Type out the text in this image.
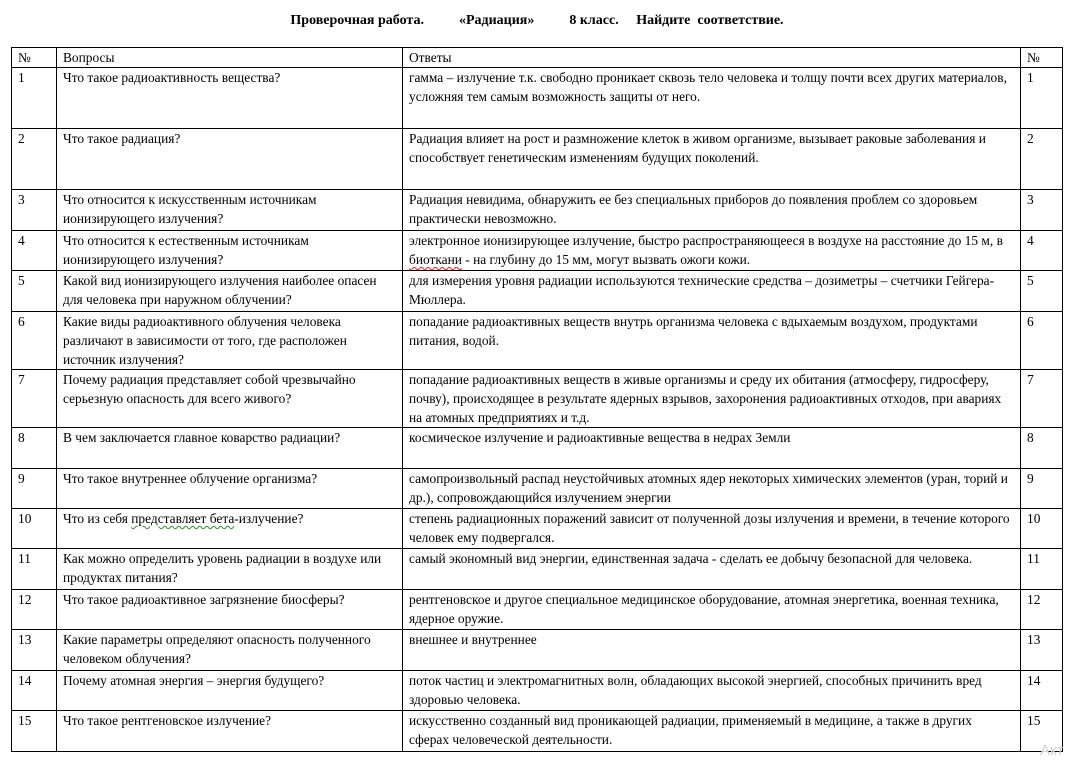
Проверочная работа.          «Радиация»          8 класс.     Найдите  соответствие.
№	Вопросы	Ответы	№
1	Что такое радиоактивность вещества?	гамма – излучение т.к. свободно проникает сквозь тело человека и толщу почти всех других материалов, усложняя тем самым возможность защиты от него.	1
2	Что такое радиация?	Радиация влияет на рост и размножение клеток в живом организме, вызывает раковые заболевания и способствует генетическим изменениям будущих поколений.	2
3	Что относится к искусственным источникам ионизирующего излучения?	Радиация невидима, обнаружить ее без специальных приборов до появления проблем со здоровьем практически невозможно.	3
4	Что относится к естественным источникам ионизирующего излучения?	электронное ионизирующее излучение, быстро распространяющееся в воздухе на расстояние до 15 м, в биоткани - на глубину до 15 мм, могут вызвать ожоги кожи.	4
5	Какой вид ионизирующего излучения наиболее опасен для человека при наружном облучении?	для измерения уровня радиации используются технические средства – дозиметры – счетчики Гейгера-Мюллера.	5
6	Какие виды радиоактивного облучения человека различают в зависимости от того, где расположен источник излучения?	попадание радиоактивных веществ внутрь организма человека с вдыхаемым воздухом, продуктами питания, водой.	6
7	Почему радиация представляет собой чрезвычайно серьезную опасность для всего живого?	попадание радиоактивных веществ в живые организмы и среду их обитания (атмосферу, гидросферу, почву), происходящее в результате ядерных взрывов, захоронения радиоактивных отходов, при авариях на атомных предприятиях и т.д.	7
8	В чем заключается главное коварство радиации?	космическое излучение и радиоактивные вещества в недрах Земли	8
9	Что такое внутреннее облучение организма?	самопроизвольный распад неустойчивых атомных ядер некоторых химических элементов (уран, торий и др.), сопровождающийся излучением энергии	9
10	Что из себя представляет бета-излучение?	степень радиационных поражений зависит от полученной дозы излучения и времени, в течение которого человек ему подвергался.	10
11	Как можно определить уровень радиации в воздухе или продуктах питания?	самый экономный вид энергии, единственная задача - сделать ее добычу безопасной для человека.	11
12	Что такое радиоактивное загрязнение биосферы?	рентгеновское и другое специальное медицинское оборудование, атомная энергетика, военная техника, ядерное оружие.	12
13	Какие параметры определяют опасность полученного человеком облучения?	внешнее и внутреннее	13
14	Почему атомная энергия – энергия будущего?	поток частиц и электромагнитных волн, обладающих высокой энергией, способных причинить вред здоровью человека.	14
15	Что такое рентгеновское излучение?	искусственно созданный вид проникающей радиации, применяемый в медицине, а также в других сферах человеческой деятельности.	15
Акт
